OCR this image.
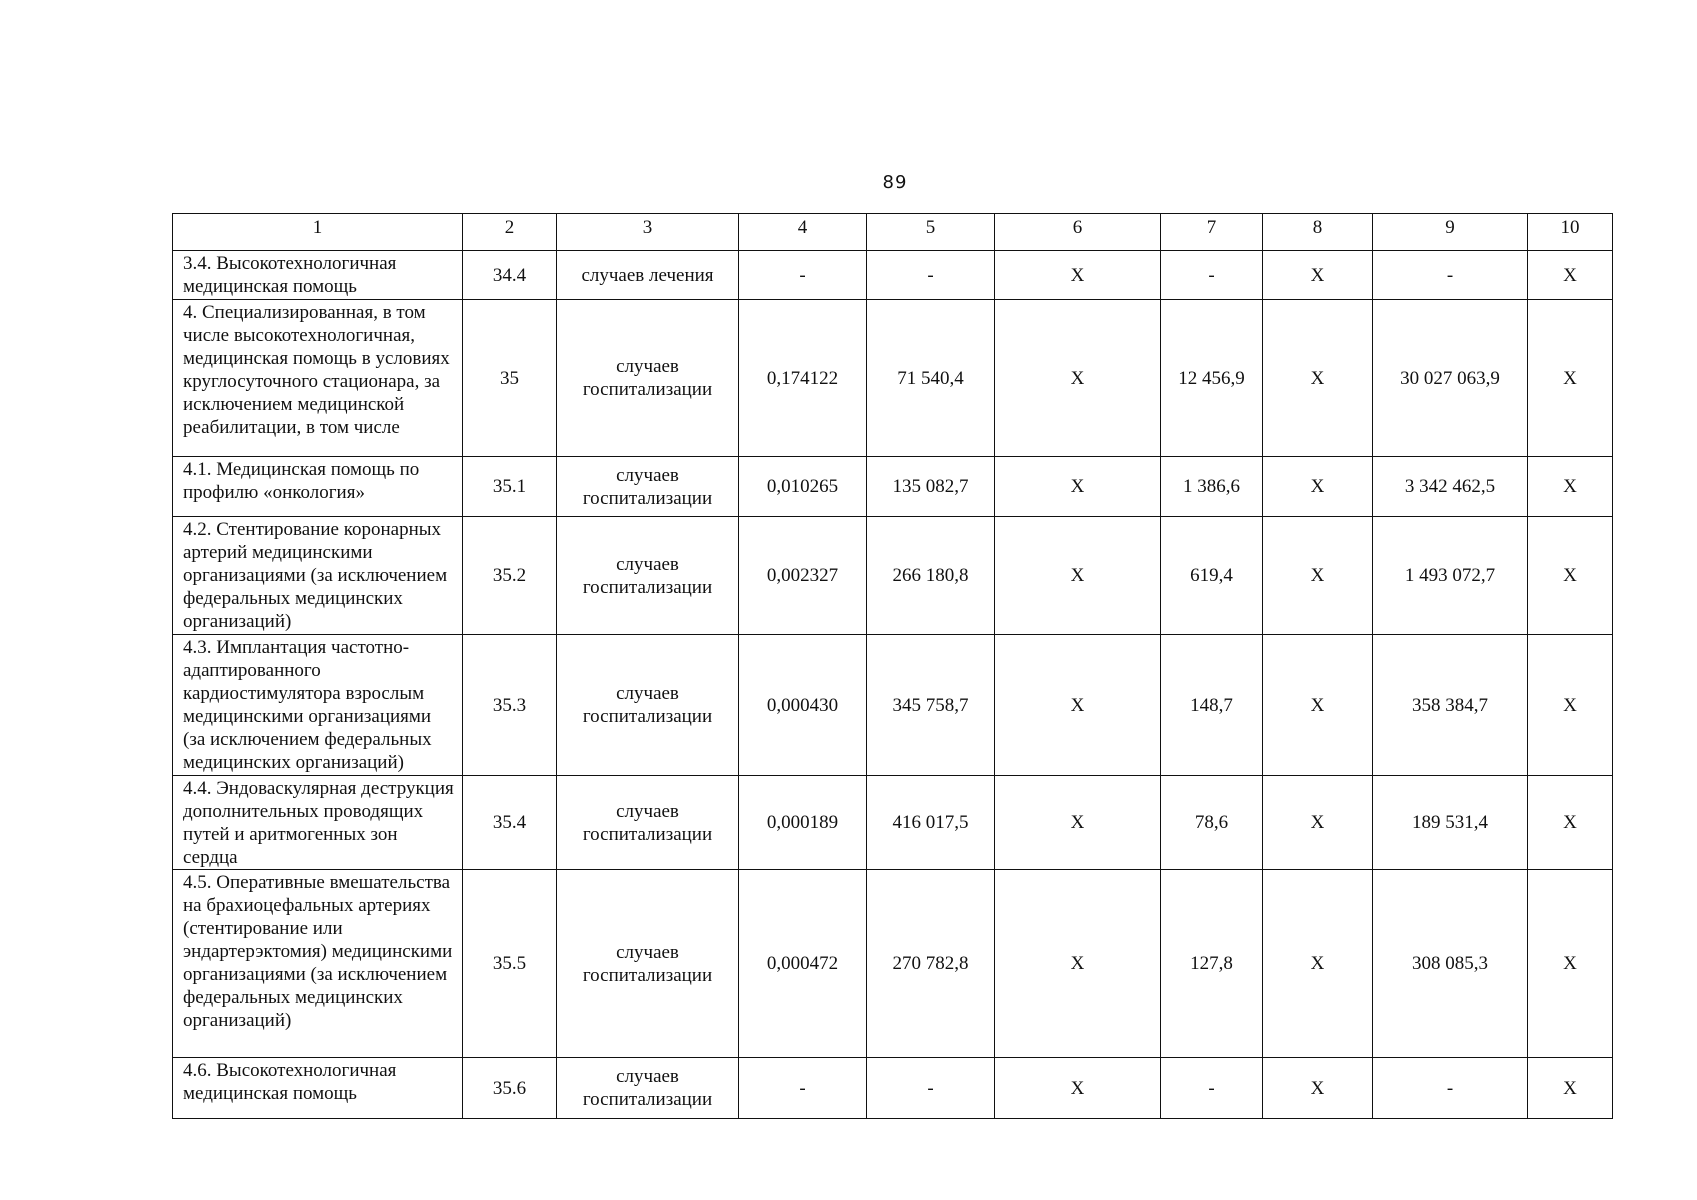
89
1	2	3	4	5	6	7	8	9	10
3.4. Высокотехнологичная медицинская помощь	34.4	случаев лечения	-	-	Х	-	Х	-	Х
4. Специализированная, в том числе высокотехнологичная, медицинская помощь в условиях круглосуточного стационара, за исключением медицинской реабилитации, в том числе	35	случаев госпитализации	0,174122	71 540,4	Х	12 456,9	Х	30 027 063,9	Х
4.1. Медицинская помощь по профилю «онкология»	35.1	случаев госпитализации	0,010265	135 082,7	Х	1 386,6	Х	3 342 462,5	Х
4.2. Стентирование коронарных артерий медицинскими организациями (за исключением федеральных медицинских организаций)	35.2	случаев госпитализации	0,002327	266 180,8	Х	619,4	Х	1 493 072,7	Х
4.3. Имплантация частотно-адаптированного кардиостимулятора взрослым медицинскими организациями (за исключением федеральных медицинских организаций)	35.3	случаев госпитализации	0,000430	345 758,7	Х	148,7	Х	358 384,7	Х
4.4. Эндоваскулярная деструкция дополнительных проводящих путей и аритмогенных зон сердца	35.4	случаев госпитализации	0,000189	416 017,5	Х	78,6	Х	189 531,4	Х
4.5. Оперативные вмешательства на брахиоцефальных артериях (стентирование или эндартерэктомия) медицинскими организациями (за исключением федеральных медицинских организаций)	35.5	случаев госпитализации	0,000472	270 782,8	Х	127,8	Х	308 085,3	Х
4.6. Высокотехнологичная медицинская помощь	35.6	случаев госпитализации	-	-	Х	-	Х	-	Х
